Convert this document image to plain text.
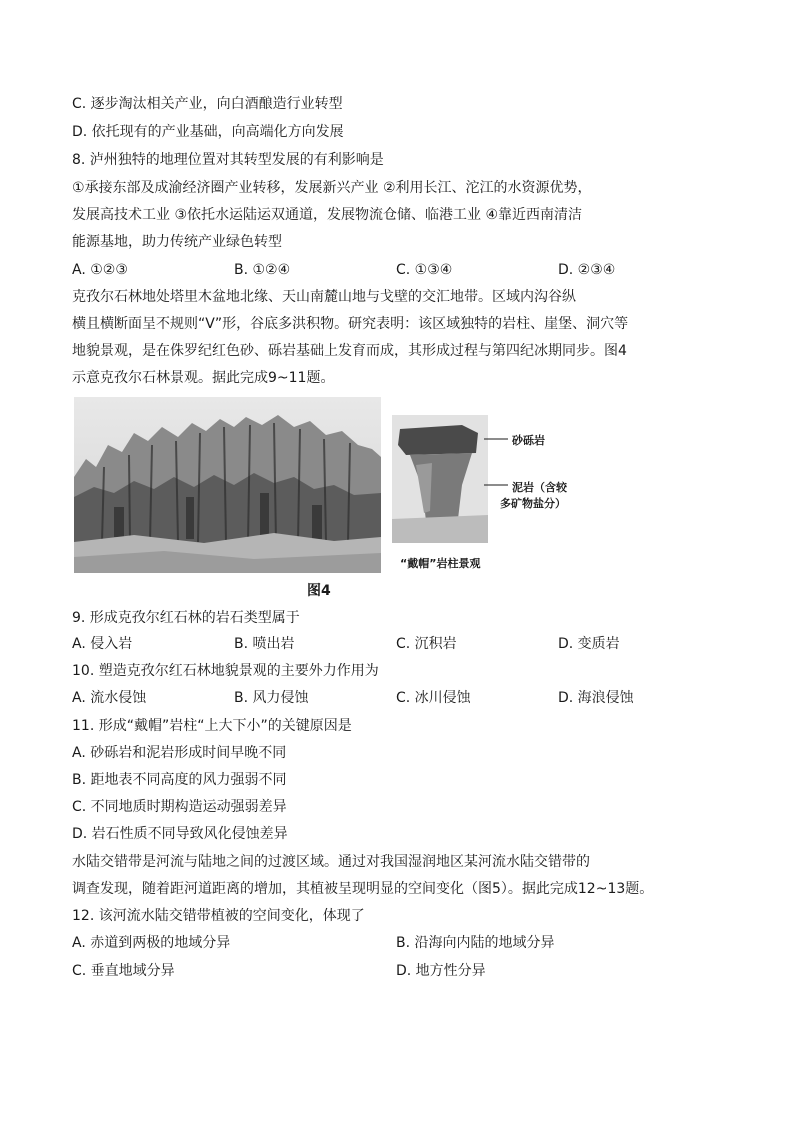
C. 逐步淘汰相关产业，向白酒酿造行业转型
D. 依托现有的产业基础，向高端化方向发展
8. 泸州独特的地理位置对其转型发展的有利影响是
①承接东部及成渝经济圈产业转移，发展新兴产业 ②利用长江、沱江的水资源优势，
发展高技术工业 ③依托水运陆运双通道，发展物流仓储、临港工业 ④靠近西南清洁
能源基地，助力传统产业绿色转型
A. ①②③	B. ①②④	C. ①③④	D. ②③④
克孜尔石林地处塔里木盆地北缘、天山南麓山地与戈壁的交汇地带。区域内沟谷纵
横且横断面呈不规则“V”形，谷底多洪积物。研究表明：该区域独特的岩柱、崖堡、洞穴等
地貌景观，是在侏罗纪红色砂、砾岩基础上发育而成，其形成过程与第四纪冰期同步。图4
示意克孜尔石林景观。据此完成9~11题。
砂砾岩
泥岩（含较
多矿物盐分）
“戴帽”岩柱景观
图4
9. 形成克孜尔红石林的岩石类型属于
A. 侵入岩	B. 喷出岩	C. 沉积岩	D. 变质岩
10. 塑造克孜尔红石林地貌景观的主要外力作用为
A. 流水侵蚀	B. 风力侵蚀	C. 冰川侵蚀	D. 海浪侵蚀
11. 形成“戴帽”岩柱“上大下小”的关键原因是
A. 砂砾岩和泥岩形成时间早晚不同
B. 距地表不同高度的风力强弱不同
C. 不同地质时期构造运动强弱差异
D. 岩石性质不同导致风化侵蚀差异
水陆交错带是河流与陆地之间的过渡区域。通过对我国湿润地区某河流水陆交错带的
调查发现，随着距河道距离的增加，其植被呈现明显的空间变化（图5）。据此完成12~13题。
12. 该河流水陆交错带植被的空间变化，体现了
A. 赤道到两极的地域分异	B. 沿海向内陆的地域分异
C. 垂直地域分异	D. 地方性分异
